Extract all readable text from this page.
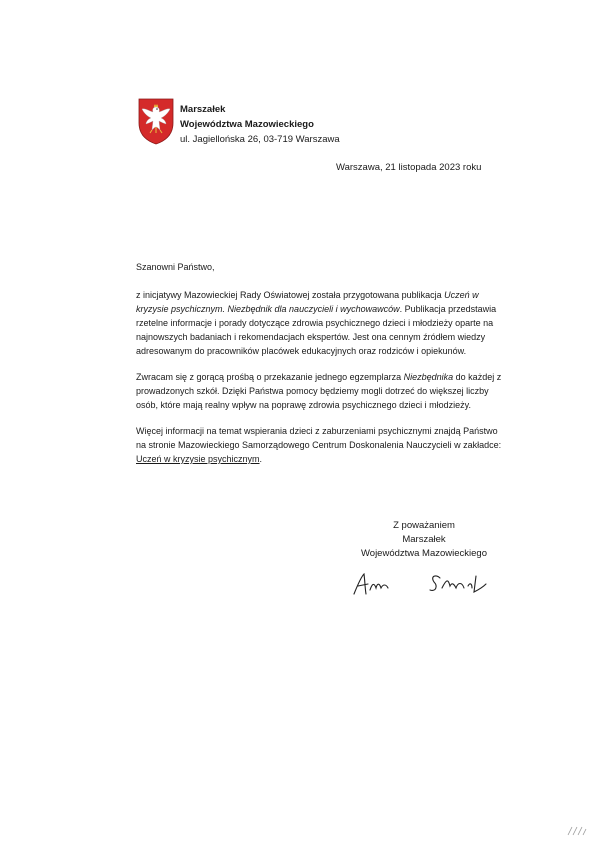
Marszałek
Województwa Mazowieckiego
ul. Jagiellońska 26, 03-719 Warszawa
Warszawa, 21 listopada 2023 roku

Szanowni Państwo,

z inicjatywy Mazowieckiej Rady Oświatowej została przygotowana publikacja Uczeń w kryzysie psychicznym. Niezbędnik dla nauczycieli i wychowawców. Publikacja przedstawia rzetelne informacje i porady dotyczące zdrowia psychicznego dzieci i młodzieży oparte na najnowszych badaniach i rekomendacjach ekspertów. Jest ona cennym źródłem wiedzy adresowanym do pracowników placówek edukacyjnych oraz rodziców i opiekunów.

Zwracam się z gorącą prośbą o przekazanie jednego egzemplarza Niezbędnika do każdej z prowadzonych szkół. Dzięki Państwa pomocy będziemy mogli dotrzeć do większej liczby osób, które mają realny wpływ na poprawę zdrowia psychicznego dzieci i młodzieży.

Więcej informacji na temat wspierania dzieci z zaburzeniami psychicznymi znajdą Państwo na stronie Mazowieckiego Samorządowego Centrum Doskonalenia Nauczycieli w zakładce: Uczeń w kryzysie psychicznym.

Z poważaniem
Marszałek
Województwa Mazowieckiego
